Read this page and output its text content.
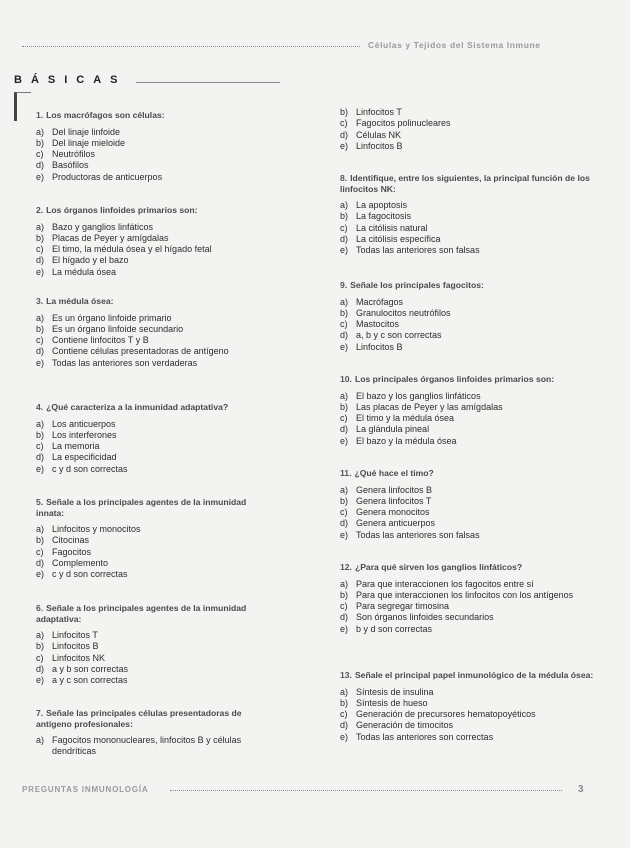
Células y Tejidos del Sistema Inmune
BÁSICAS
1. Los macrófagos son células:
a) Del linaje linfoide
b) Del linaje mieloide
c) Neutrófilos
d) Basófilos
e) Productoras de anticuerpos
2. Los órganos linfoides primarios son:
a) Bazo y ganglios linfáticos
b) Placas de Peyer y amígdalas
c) El timo, la médula ósea y el hígado fetal
d) El hígado y el bazo
e) La médula ósea
3. La médula ósea:
a) Es un órgano linfoide primario
b) Es un órgano linfoide secundario
c) Contiene linfocitos T y B
d) Contiene células presentadoras de antígeno
e) Todas las anteriores son verdaderas
4. ¿Qué caracteriza a la inmunidad adaptativa?
a) Los anticuerpos
b) Los interferones
c) La memoria
d) La especificidad
e) c y d son correctas
5. Señale a los principales agentes de la inmunidad innata:
a) Linfocitos y monocitos
b) Citocinas
c) Fagocitos
d) Complemento
e) c y d son correctas
6. Señale a los principales agentes de la inmunidad adaptativa:
a) Linfocitos T
b) Linfocitos B
c) Linfocitos NK
d) a y b son correctas
e) a y c son correctas
7. Señale las principales células presentadoras de antígeno profesionales:
a) Fagocitos mononucleares, linfocitos B y células dendríticas
b) Linfocitos T
c) Fagocitos polinucleares
d) Células NK
e) Linfocitos B
8. Identifique, entre los siguientes, la principal función de los linfocitos NK:
a) La apoptosis
b) La fagocitosis
c) La citólisis natural
d) La citólisis específica
e) Todas las anteriores son falsas
9. Señale los principales fagocitos:
a) Macrófagos
b) Granulocitos neutrófilos
c) Mastocitos
d) a, b y c son correctas
e) Linfocitos B
10. Los principales órganos linfoides primarios son:
a) El bazo y los ganglios linfáticos
b) Las placas de Peyer y las amígdalas
c) El timo y la médula ósea
d) La glándula pineal
e) El bazo y la médula ósea
11. ¿Qué hace el timo?
a) Genera linfocitos B
b) Genera linfocitos T
c) Genera monocitos
d) Genera anticuerpos
e) Todas las anteriores son falsas
12. ¿Para qué sirven los ganglios linfáticos?
a) Para que interaccionen los fagocitos entre sí
b) Para que interaccionen los linfocitos con los antígenos
c) Para segregar timosina
d) Son órganos linfoides secundarios
e) b y d son correctas
13. Señale el principal papel inmunológico de la médula ósea:
a) Síntesis de insulina
b) Síntesis de hueso
c) Generación de precursores hematopoyéticos
d) Generación de timocitos
e) Todas las anteriores son correctas
PREGUNTAS INMUNOLOGÍA	3
